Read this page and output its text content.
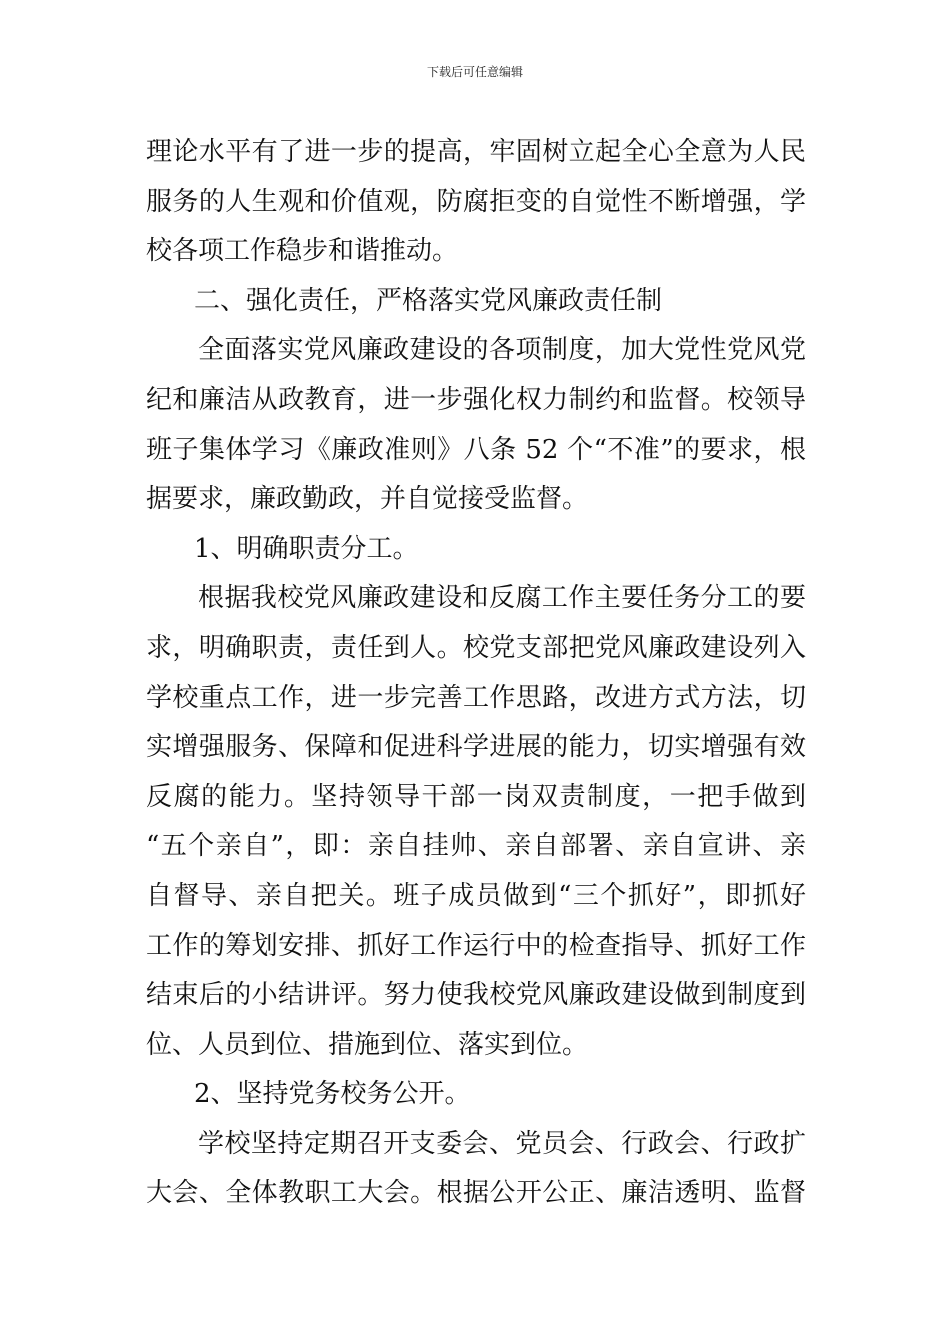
下载后可任意编辑
理论水平有了进一步的提高，牢固树立起全心全意为人民
服务的人生观和价值观，防腐拒变的自觉性不断增强，学
校各项工作稳步和谐推动。
二、强化责任，严格落实党风廉政责任制
全面落实党风廉政建设的各项制度，加大党性党风党
纪和廉洁从政教育，进一步强化权力制约和监督。校领导
班子集体学习《廉政准则》八条 52 个“不准”的要求，根
据要求，廉政勤政，并自觉接受监督。
1、明确职责分工。
根据我校党风廉政建设和反腐工作主要任务分工的要
求，明确职责，责任到人。校党支部把党风廉政建设列入
学校重点工作，进一步完善工作思路，改进方式方法，切
实增强服务、保障和促进科学进展的能力，切实增强有效
反腐的能力。坚持领导干部一岗双责制度，一把手做到
“五个亲自”，即：亲自挂帅、亲自部署、亲自宣讲、亲
自督导、亲自把关。班子成员做到“三个抓好”，即抓好
工作的筹划安排、抓好工作运行中的检查指导、抓好工作
结束后的小结讲评。努力使我校党风廉政建设做到制度到
位、人员到位、措施到位、落实到位。
2、坚持党务校务公开。
学校坚持定期召开支委会、党员会、行政会、行政扩
大会、全体教职工大会。根据公开公正、廉洁透明、监督
